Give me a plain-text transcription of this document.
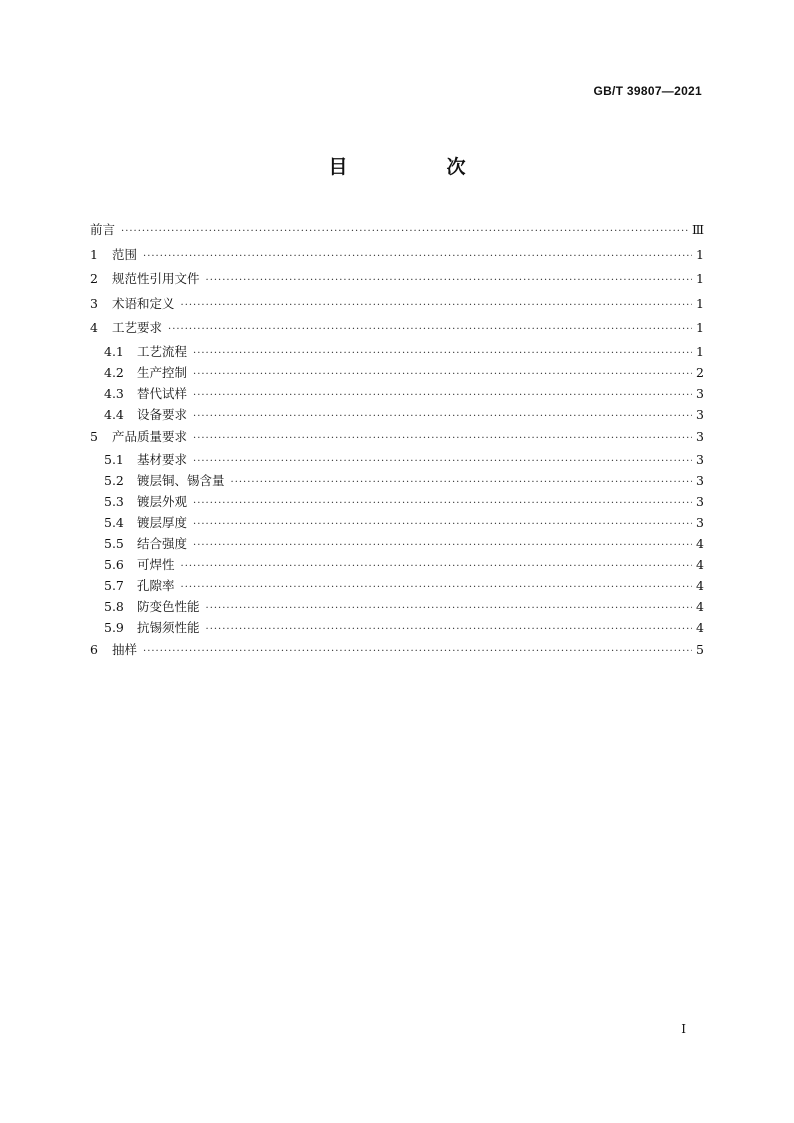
GB/T 39807—2021
目　次
前言 ·····	Ⅲ
1	范围 ·····	1
2	规范性引用文件 ·····	1
3	术语和定义 ·····	1
4	工艺要求 ·····	1
4.1	工艺流程 ·····	1
4.2	生产控制 ·····	2
4.3	替代试样 ·····	3
4.4	设备要求 ·····	3
5	产品质量要求 ·····	3
5.1	基材要求 ·····	3
5.2	镀层铜、锡含量 ·····	3
5.3	镀层外观 ·····	3
5.4	镀层厚度 ·····	3
5.5	结合强度 ·····	4
5.6	可焊性 ·····	4
5.7	孔隙率 ·····	4
5.8	防变色性能 ·····	4
5.9	抗锡须性能 ·····	4
6	抽样 ·····	5
I
